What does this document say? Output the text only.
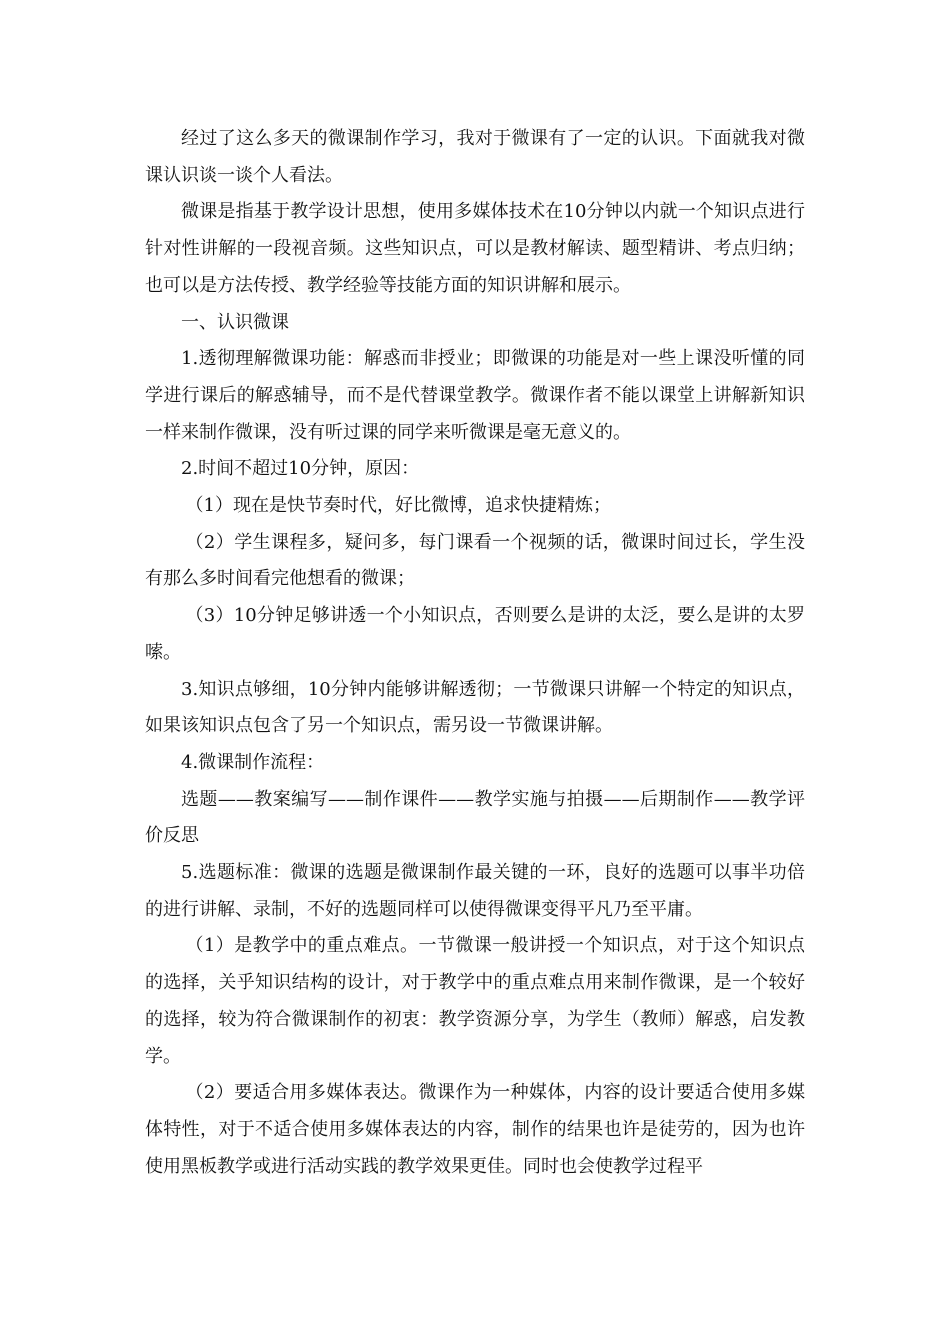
经过了这么多天的微课制作学习，我对于微课有了一定的认识。下面就我对微课认识谈一谈个人看法。

微课是指基于教学设计思想，使用多媒体技术在10分钟以内就一个知识点进行针对性讲解的一段视音频。这些知识点，可以是教材解读、题型精讲、考点归纳；也可以是方法传授、教学经验等技能方面的知识讲解和展示。

一、认识微课

1.透彻理解微课功能：解惑而非授业；即微课的功能是对一些上课没听懂的同学进行课后的解惑辅导，而不是代替课堂教学。微课作者不能以课堂上讲解新知识一样来制作微课，没有听过课的同学来听微课是毫无意义的。

2.时间不超过10分钟，原因：

（1）现在是快节奏时代，好比微博，追求快捷精炼；

（2）学生课程多，疑问多，每门课看一个视频的话，微课时间过长，学生没有那么多时间看完他想看的微课；

（3）10分钟足够讲透一个小知识点，否则要么是讲的太泛，要么是讲的太罗嗦。

3.知识点够细，10分钟内能够讲解透彻；一节微课只讲解一个特定的知识点，如果该知识点包含了另一个知识点，需另设一节微课讲解。

4.微课制作流程：

选题——教案编写——制作课件——教学实施与拍摄——后期制作——教学评价反思

5.选题标准：微课的选题是微课制作最关键的一环，良好的选题可以事半功倍的进行讲解、录制，不好的选题同样可以使得微课变得平凡乃至平庸。

（1）是教学中的重点难点。一节微课一般讲授一个知识点，对于这个知识点的选择，关乎知识结构的设计，对于教学中的重点难点用来制作微课，是一个较好的选择，较为符合微课制作的初衷：教学资源分享，为学生（教师）解惑，启发教学。

（2）要适合用多媒体表达。微课作为一种媒体，内容的设计要适合使用多媒体特性，对于不适合使用多媒体表达的内容，制作的结果也许是徒劳的，因为也许使用黑板教学或进行活动实践的教学效果更佳。同时也会使教学过程平
